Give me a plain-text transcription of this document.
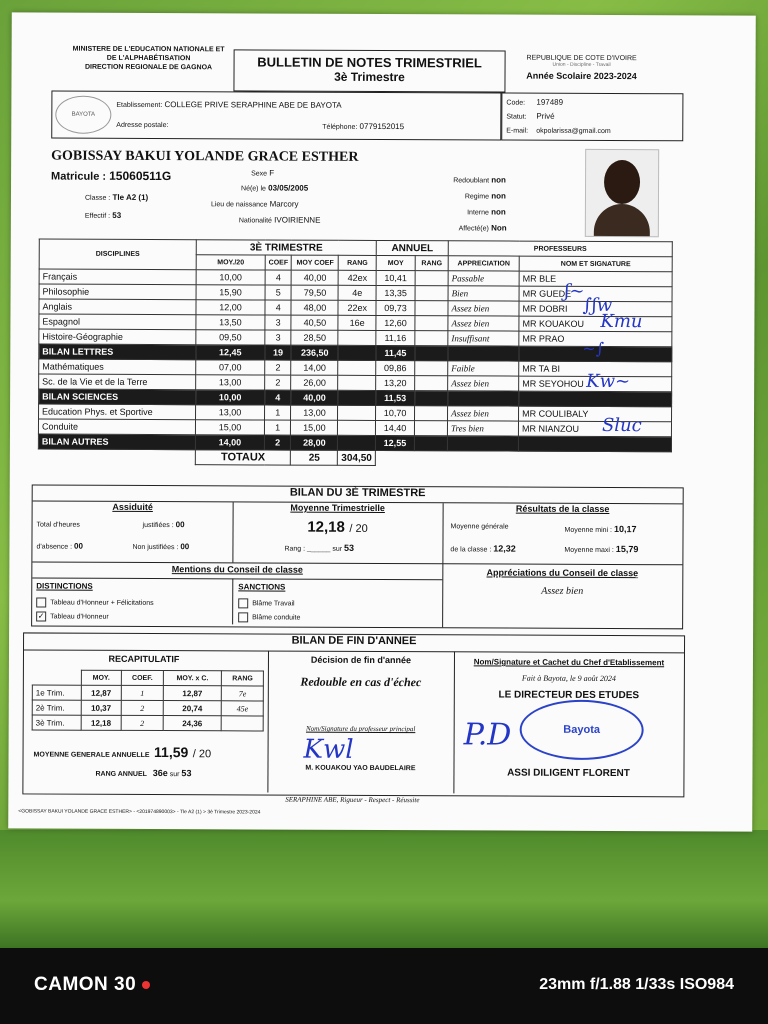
MINISTERE DE L'EDUCATION NATIONALE ET
DE L'ALPHABÉTISATION
DIRECTION REGIONALE DE GAGNOA	BULLETIN DE NOTES TRIMESTRIEL
3è Trimestre
REPUBLIQUE DE COTE D'IVOIRE
Union - Discipline - Travail
Année Scolaire 2023-2024
BAYOTA
Etablissement: COLLEGE PRIVE SERAPHINE ABE DE BAYOTA
Adresse postale:	Téléphone: 0779152015
Code: 197489
Statut: Privé
E-mail: okpolarissa@gmail.com
GOBISSAY BAKUI YOLANDE GRACE ESTHER
Matricule : 15060511G
Classe : Tle A2 (1)
Effectif : 53
Sexe F
Né(e) le 03/05/2005
Lieu de naissance Marcory
Nationalité IVOIRIENNE
Redoublant non
Regime non
Interne non
Affecté(e) Non
DISCIPLINES	3È TRIMESTRE				ANNUEL		PROFESSEURS	
	MOY./20	COEF	MOY COEF	RANG	MOY	RANG	APPRECIATION	NOM ET SIGNATURE
Français	10,00	4	40,00	42ex	10,41		Passable	MR BLE
Philosophie	15,90	5	79,50	4e	13,35		Bien	MR GUEDE
Anglais	12,00	4	48,00	22ex	09,73		Assez bien	MR DOBRI
Espagnol	13,50	3	40,50	16e	12,60		Assez bien	MR KOUAKOU
Histoire-Géographie	09,50	3	28,50		11,16		Insuffisant	MR PRAO
BILAN LETTRES	12,45	19	236,50		11,45			
Mathématiques	07,00	2	14,00		09,86		Faible	MR TA BI
Sc. de la Vie et de la Terre	13,00	2	26,00		13,20		Assez bien	MR SEYOHOU
BILAN SCIENCES	10,00	4	40,00		11,53			
Education Phys. et Sportive	13,00	1	13,00		10,70		Assez bien	MR COULIBALY
Conduite	15,00	1	15,00		14,40		Tres bien	MR NIANZOU
BILAN AUTRES	14,00	2	28,00		12,55			
	TOTAUX		25	304,50				
ʃ~
∫ʃw
Kmu
~∫
Kw~
Sluc
BILAN DU 3È TRIMESTRE
Assiduité
Total d'heures
d'absence : 00
justifiées : 00
Non justifiées : 00
Moyenne Trimestrielle
12,18 / 20
Rang : ______ sur 53
Résultats de la classe
Moyenne générale
de la classe : 12,32
Moyenne mini : 10,17
Moyenne maxi : 15,79
Mentions du Conseil de classe	Appréciations du Conseil de classe
Assez bien
DISTINCTIONS	SANCTIONS
Tableau d'Honneur + Félicitations
✓ Tableau d'Honneur
Blâme Travail
Blâme conduite
BILAN DE FIN D'ANNEE
RECAPITULATIF
	MOY.	COEF.	MOY. x C.	RANG
1e Trim.	12,87	1	12,87	7e
2è Trim.	10,37	2	20,74	45e
3è Trim.	12,18	2	24,36	
MOYENNE GENERALE ANNUELLE 11,59 / 20
RANG ANNUEL 36e sur 53
Décision de fin d'année
Redouble en cas d'échec
Nom/Signature du professeur principal
Kwl
M. KOUAKOU YAO BAUDELAIRE
Nom/Signature et Cachet du Chef d'Etablissement
Fait à Bayota, le 9 août 2024
LE DIRECTEUR DES ETUDES
Bayota
P.D
ASSI DILIGENT FLORENT
SERAPHINE ABE, Rigueur - Respect - Réussite
<GOBISSAY BAKUI YOLANDE GRACE ESTHER> - <201974890003> - Tle A2 (1) > 3è Trimestre 2023-2024
CAMON 30	23mm f/1.88 1/33s ISO984
